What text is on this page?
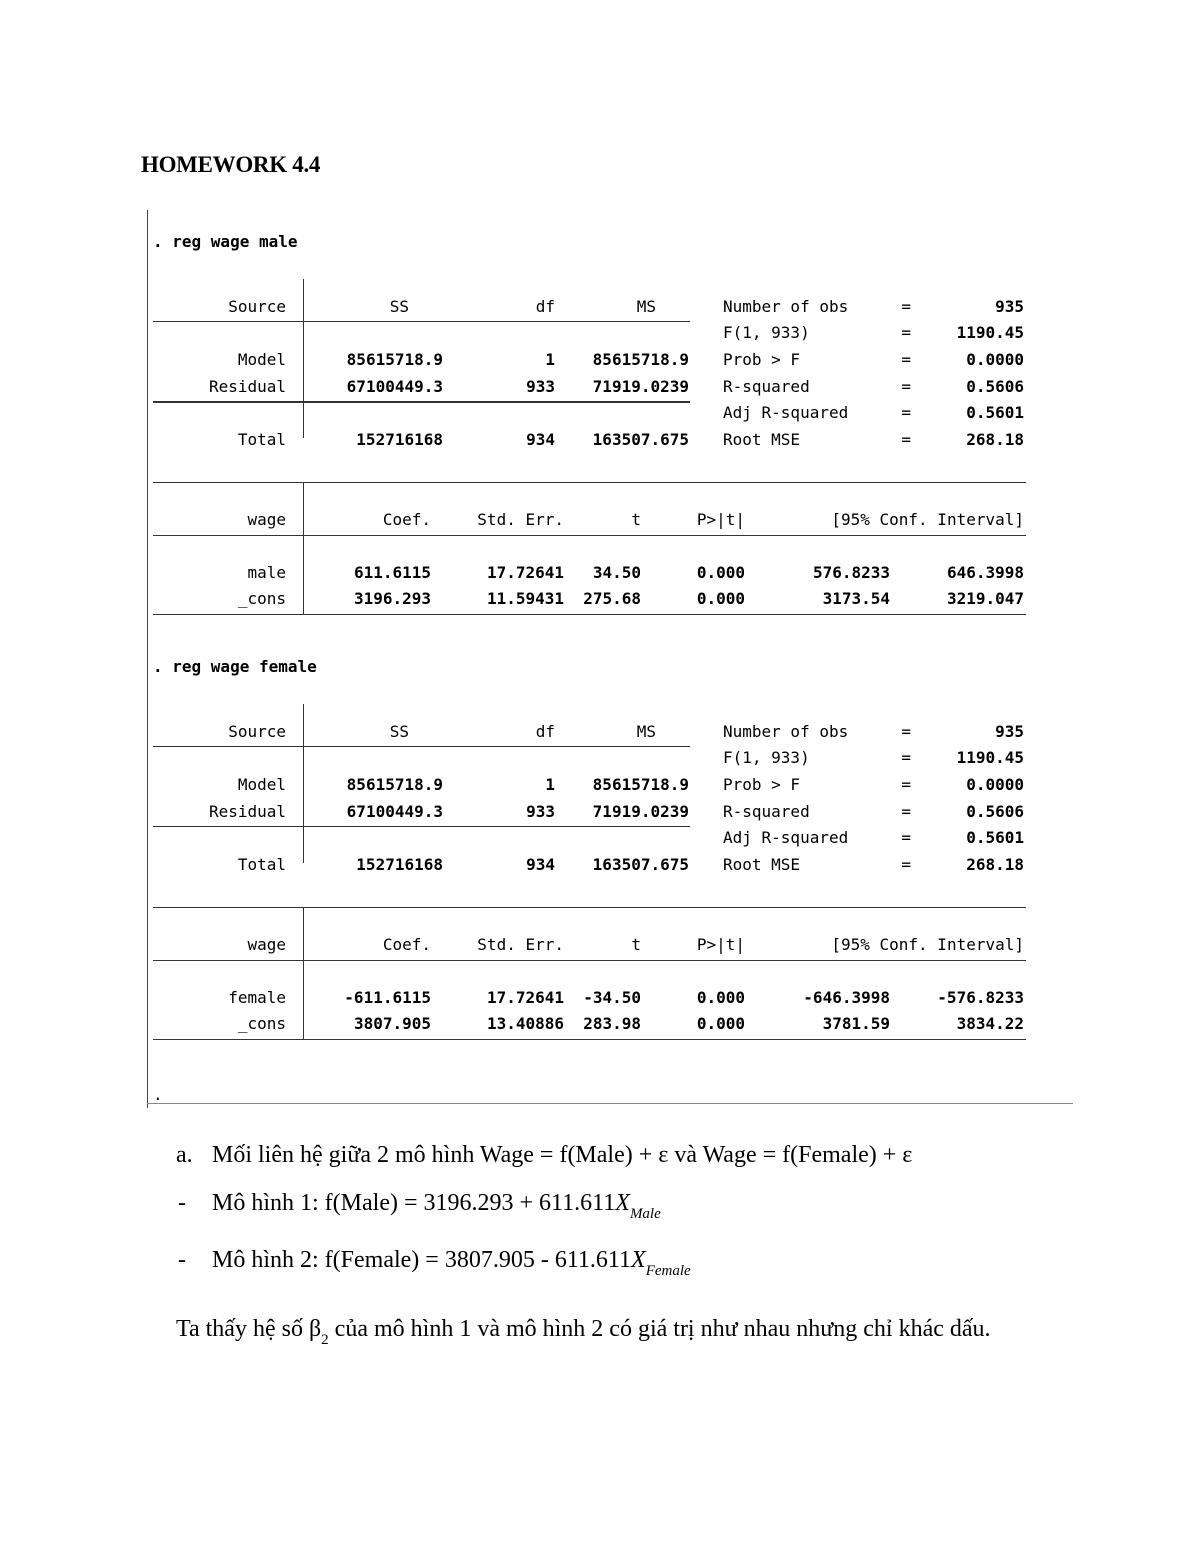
HOMEWORK 4.4
.
. reg wage male
Source	SS	df	MS
Model	85615718.9	1	85615718.9
Residual	67100449.3	933	71919.0239
Total	152716168	934	163507.675
Number of obs	=	935
F(1, 933)	=	1190.45
Prob > F	=	0.0000
R-squared	=	0.5606
Adj R-squared	=	0.5601
Root MSE	=	268.18
wage	Coef.	Std. Err.	t	P>|t|	[95% Conf. Interval]
male	611.6115	17.72641	34.50	0.000	576.8233	646.3998
_cons	3196.293	11.59431	275.68	0.000	3173.54	3219.047
. reg wage female
Source	SS	df	MS
Model	85615718.9	1	85615718.9
Residual	67100449.3	933	71919.0239
Total	152716168	934	163507.675
Number of obs	=	935
F(1, 933)	=	1190.45
Prob > F	=	0.0000
R-squared	=	0.5606
Adj R-squared	=	0.5601
Root MSE	=	268.18
wage	Coef.	Std. Err.	t	P>|t|	[95% Conf. Interval]
female	-611.6115	17.72641	-34.50	0.000	-646.3998	-576.8233
_cons	3807.905	13.40886	283.98	0.000	3781.59	3834.22
a. Mối liên hệ giữa 2 mô hình Wage = f(Male) + ε và Wage = f(Female) + ε
- Mô hình 1: f(Male) = $3196.293 + 611.611X_{Male}$
- Mô hình 2: f(Female) = $3807.905 - 611.611X_{Female}$
Ta thấy hệ số $\beta_2$ của mô hình 1 và mô hình 2 có giá trị như nhau nhưng chỉ khác dấu.
